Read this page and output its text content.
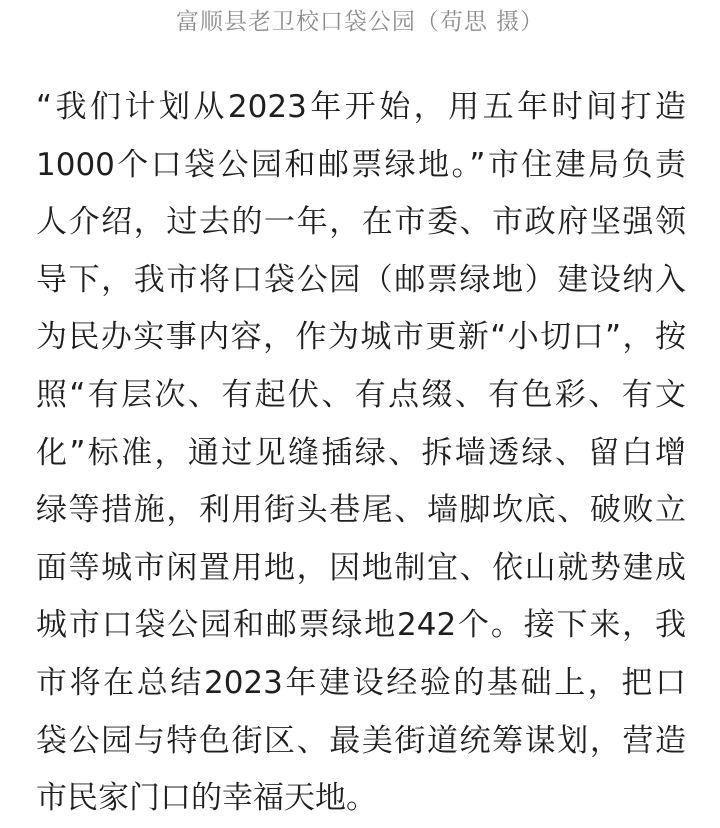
富顺县老卫校口袋公园（苟思 摄）
“我们计划从2023年开始，用五年时间打造
1000个口袋公园和邮票绿地。”市住建局负责
人介绍，过去的一年，在市委、市政府坚强领
导下，我市将口袋公园（邮票绿地）建设纳入
为民办实事内容，作为城市更新“小切口”，按
照“有层次、有起伏、有点缀、有色彩、有文
化”标准，通过见缝插绿、拆墙透绿、留白增
绿等措施，利用街头巷尾、墙脚坎底、破败立
面等城市闲置用地，因地制宜、依山就势建成
城市口袋公园和邮票绿地242个。接下来，我
市将在总结2023年建设经验的基础上，把口
袋公园与特色街区、最美街道统筹谋划，营造
市民家门口的幸福天地。
